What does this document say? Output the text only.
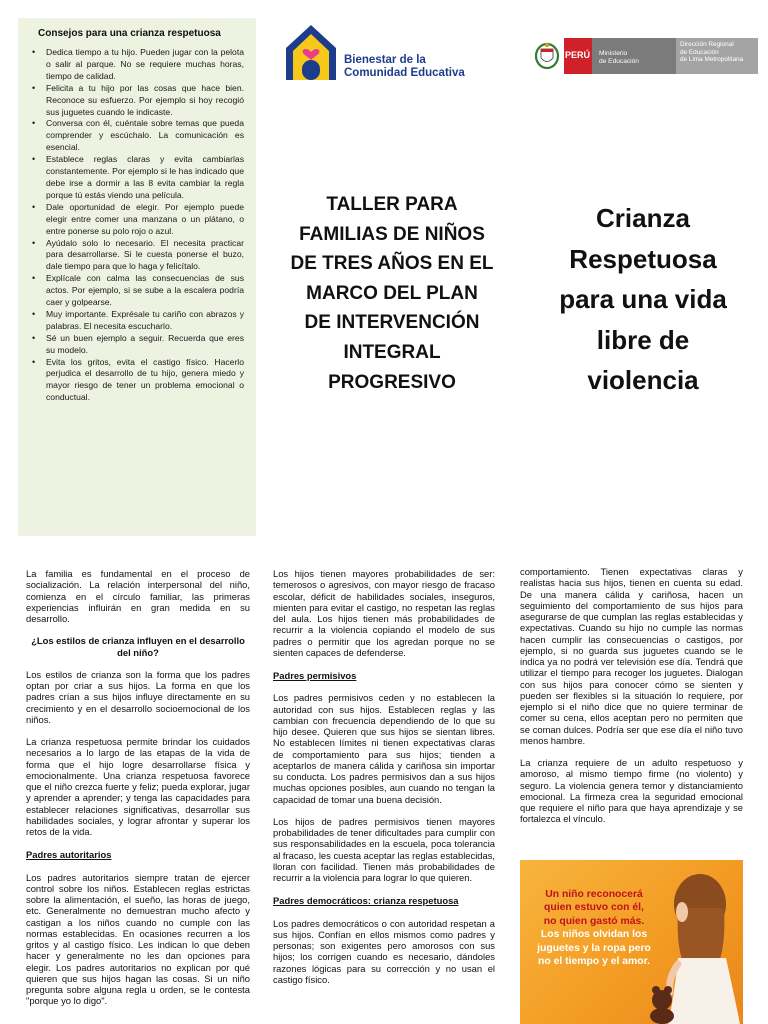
Consejos para una crianza respetuosa
• Dedica tiempo a tu hijo. Pueden jugar con la pelota o salir al parque. No se requiere muchas horas, tiempo de calidad.
• Felicita a tu hijo por las cosas que hace bien. Reconoce su esfuerzo. Por ejemplo si hoy recogió sus juguetes cuando le indicaste.
• Conversa con él, cuéntale sobre temas que pueda comprender y escúchalo. La comunicación es esencial.
• Establece reglas claras y evita cambiarlas constantemente. Por ejemplo si le has indicado que debe irse a dormir a las 8 evita cambiar la regla porque tú estás viendo una película.
• Dale oportunidad de elegir. Por ejemplo puede elegir entre comer una manzana o un plátano, o entre ponerse su polo rojo o azul.
• Ayúdalo solo lo necesario. El necesita practicar para desarrollarse. Si le cuesta ponerse el buzo, dale tiempo para que lo haga y felicítalo.
• Explícale con calma las consecuencias de sus actos. Por ejemplo, si se sube a la escalera podría caer y golpearse.
• Muy importante. Exprésale tu cariño con abrazos y palabras. El necesita escucharlo.
• Sé un buen ejemplo a seguir. Recuerda que eres su modelo.
• Evita los gritos, evita el castigo físico. Hacerlo perjudica el desarrollo de tu hijo, genera miedo y mayor riesgo de tener un problema emocional o conductual.
Bienestar de la
Comunidad Educativa
PERÚ Ministerio
de Educación
Dirección Regional
de Educación
de Lima Metropolitana
TALLER PARA
FAMILIAS DE NIÑOS
DE TRES AÑOS EN EL
MARCO DEL PLAN
DE INTERVENCIÓN
INTEGRAL
PROGRESIVO
Crianza
Respetuosa
para una vida
libre de
violencia

La familia es fundamental en el proceso de socialización. La relación interpersonal del niño, comienza en el círculo familiar, las primeras experiencias influirán en gran medida en su desarrollo.

¿Los estilos de crianza influyen en el desarrollo del niño?

Los estilos de crianza son la forma que los padres optan por criar a sus hijos. La forma en que los padres crían a sus hijos influye directamente en su crecimiento y en el desarrollo socioemocional de los niños.

La crianza respetuosa permite brindar los cuidados necesarios a lo largo de las etapas de la vida de forma que el hijo logre desarrollarse física y emocionalmente. Una crianza respetuosa favorece que el niño crezca fuerte y feliz; pueda explorar, jugar y aprender a aprender; y tenga las capacidades para establecer relaciones significativas, desarrollar sus habilidades sociales, y lograr afrontar y superar los retos de la vida.

Padres autoritarios

Los padres autoritarios siempre tratan de ejercer control sobre los niños. Establecen reglas estrictas sobre la alimentación, el sueño, las horas de juego, etc. Generalmente no demuestran mucho afecto y castigan a los niños cuando no cumple con las normas establecidas. En ocasiones recurren a los gritos y al castigo físico. Les indican lo que deben hacer y generalmente no les dan opciones para elegir. Los padres autoritarios no explican por qué quieren que sus hijos hagan las cosas. Si un niño pregunta sobre alguna regla u orden, se le contesta "porque yo lo digo".

Los hijos tienen mayores probabilidades de ser: temerosos o agresivos, con mayor riesgo de fracaso escolar, déficit de habilidades sociales, inseguros, mienten para evitar el castigo, no respetan las reglas del aula. Los hijos tienen más probabilidades de recurrir a la violencia copiando el modelo de sus padres o permitir que los agredan porque no se sienten capaces de defenderse.

Padres permisivos

Los padres permisivos ceden y no establecen la autoridad con sus hijos. Establecen reglas y las cambian con frecuencia dependiendo de lo que su hijo desee. Quieren que sus hijos se sientan libres. No establecen límites ni tienen expectativas claras de comportamiento para sus hijos; tienden a aceptarlos de manera cálida y cariñosa sin importar su conducta. Los padres permisivos dan a sus hijos muchas opciones posibles, aun cuando no tengan la capacidad de tomar una buena decisión.

Los hijos de padres permisivos tienen mayores probabilidades de tener dificultades para cumplir con sus responsabilidades en la escuela, poca tolerancia al fracaso, les cuesta aceptar las reglas establecidas, lloran con facilidad. Tienen más probabilidades de recurrir a la violencia para lograr lo que quieren.

Padres democráticos: crianza respetuosa

Los padres democráticos o con autoridad respetan a sus hijos. Confían en ellos mismos como padres y personas; son exigentes pero amorosos con sus hijos; los corrigen cuando es necesario, dándoles razones lógicas para su corrección y no usan el castigo físico.

comportamiento. Tienen expectativas claras y realistas hacia sus hijos, tienen en cuenta su edad. De una manera cálida y cariñosa, hacen un seguimiento del comportamiento de sus hijos para asegurarse de que cumplan las reglas establecidas y expectativas. Cuando su hijo no cumple las normas hacen cumplir las consecuencias o castigos, por ejemplo, si no guarda sus juguetes cuando se le indica ya no podrá ver televisión ese día. Tendrá que utilizar el tiempo para recoger los juguetes. Dialogan con sus hijos para conocer cómo se sienten y pueden ser flexibles si la situación lo requiere, por ejemplo si el niño dice que no quiere terminar de comer su cena, ellos aceptan pero no permiten que se coman dulces. Podría ser que ese día el niño tuvo menos hambre.

La crianza requiere de un adulto respetuoso y amoroso, al mismo tiempo firme (no violento) y seguro. La violencia genera temor y distanciamiento emocional. La firmeza crea la seguridad emocional que requiere el niño para que haya aprendizaje y se fortalezca el vínculo.

Un niño reconocerá
quien estuvo con él,
no quien gastó más.
Los niños olvidan los
juguetes y la ropa pero
no el tiempo y el amor.
